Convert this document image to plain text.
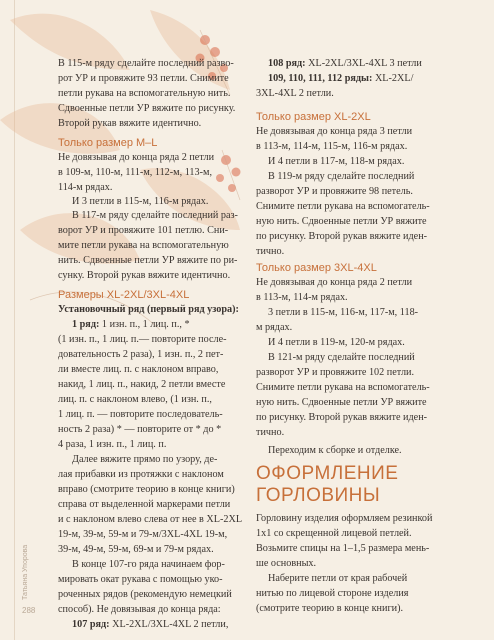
Татьяна Упорова
288
В 115-м ряду сделайте последний разво-
рот УР и провяжите 93 петли. Снимите
петли рукава на вспомогательную нить.
Сдвоенные петли УР вяжите по рисунку.
Второй рукав вяжите идентично.
Только размер M–L
Не довязывая до конца ряда 2 петли
в 109-м, 110-м, 111-м, 112-м, 113-м,
114-м рядах.
И 3 петли в 115-м, 116-м рядах.
В 117-м ряду сделайте последний раз-
ворот УР и провяжите 101 петлю. Сни-
мите петли рукава на вспомогательную
нить. Сдвоенные петли УР вяжите по ри-
сунку. Второй рукав вяжите идентично.
Размеры XL-2XL/3XL-4XL
Установочный ряд (первый ряд узора):
1 ряд: 1 изн. п., 1 лиц. п., *
(1 изн. п., 1 лиц. п.— повторите после-
довательность 2 раза), 1 изн. п., 2 пет-
ли вместе лиц. п. с наклоном вправо,
накид, 1 лиц. п., накид, 2 петли вместе
лиц. п. с наклоном влево, (1 изн. п.,
1 лиц. п. — повторите последователь-
ность 2 раза) * — повторите от * до *
4 раза, 1 изн. п., 1 лиц. п.
Далее вяжите прямо по узору, де-
лая прибавки из протяжки с наклоном
вправо (смотрите теорию в конце книги)
справа от выделенной маркерами петли
и с наклоном влево слева от нее в XL-2XL
19-м, 39-м, 59-м и 79-м/3XL-4XL 19-м,
39-м, 49-м, 59-м, 69-м и 79-м рядах.
В конце 107-го ряда начинаем фор-
мировать окат рукава с помощью уко-
роченных рядов (рекомендую немецкий
способ). Не довязывая до конца ряда:
107 ряд: XL-2XL/3XL-4XL 2 петли,
108 ряд: XL-2XL/3XL-4XL 3 петли
109, 110, 111, 112 ряды: XL-2XL/
3XL-4XL 2 петли.
Только размер XL-2XL
Не довязывая до конца ряда 3 петли
в 113-м, 114-м, 115-м, 116-м рядах.
И 4 петли в 117-м, 118-м рядах.
В 119-м ряду сделайте последний
разворот УР и провяжите 98 петель.
Снимите петли рукава на вспомогатель-
ную нить. Сдвоенные петли УР вяжите
по рисунку. Второй рукав вяжите иден-
тично.
Только размер 3XL-4XL
Не довязывая до конца ряда 2 петли
в 113-м, 114-м рядах.
3 петли в 115-м, 116-м, 117-м, 118-
м рядах.
И 4 петли в 119-м, 120-м рядах.
В 121-м ряду сделайте последний
разворот УР и провяжите 102 петли.
Снимите петли рукава на вспомогатель-
ную нить. Сдвоенные петли УР вяжите
по рисунку. Второй рукав вяжите иден-
тично.
Переходим к сборке и отделке.
ОФОРМЛЕНИЕ
ГОРЛОВИНЫ
Горловину изделия оформляем резинкой
1х1 со скрещенной лицевой петлей.
Возьмите спицы на 1–1,5 размера мень-
ше основных.
Наберите петли от края рабочей
нитью по лицевой стороне изделия
(смотрите теорию в конце книги).
